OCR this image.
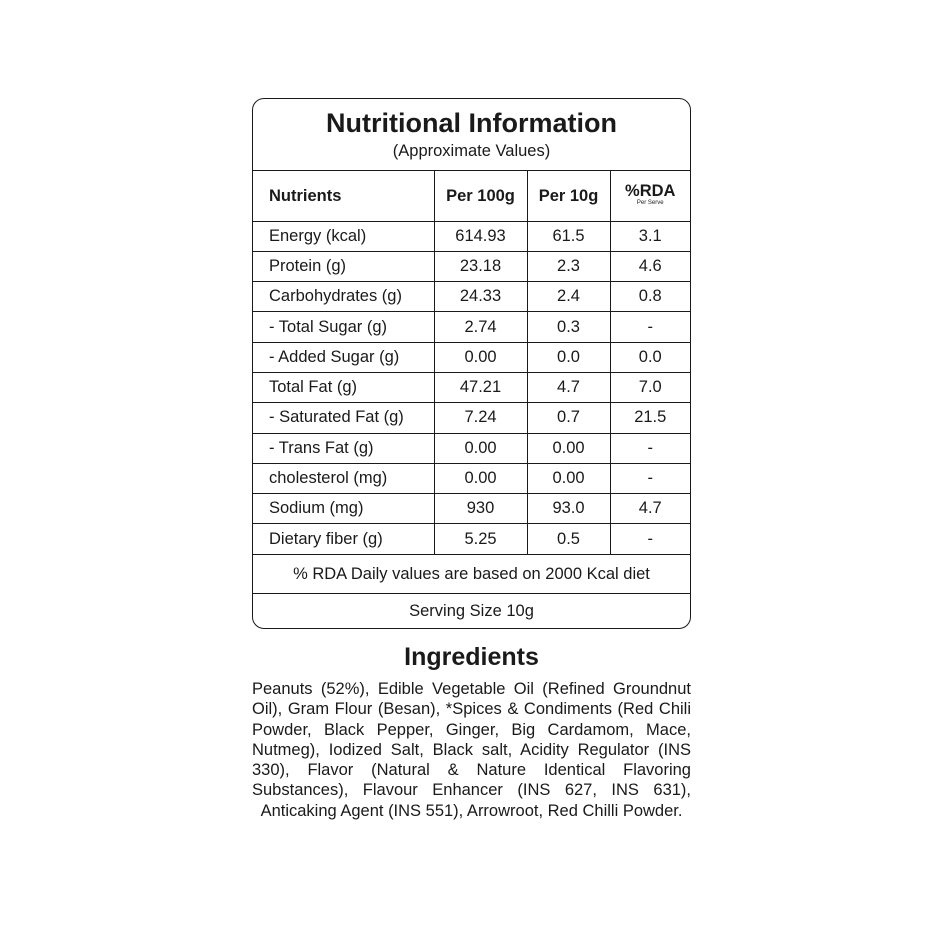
Nutritional Information
(Approximate Values)
Nutrients	Per 100g	Per 10g	%RDA
Per Serve

Energy (kcal)	614.93	61.5	3.1
Protein (g)	23.18	2.3	4.6
Carbohydrates (g)	24.33	2.4	0.8
- Total Sugar (g)	2.74	0.3	-
- Added Sugar (g)	0.00	0.0	0.0
Total Fat (g)	47.21	4.7	7.0
- Saturated Fat (g)	7.24	0.7	21.5
- Trans Fat (g)	0.00	0.00	-
cholesterol (mg)	0.00	0.00	-
Sodium (mg)	930	93.0	4.7
Dietary fiber (g)	5.25	0.5	-
% RDA Daily values are based on 2000 Kcal diet
Serving Size 10g
Ingredients
Peanuts (52%), Edible Vegetable Oil (Refined Groundnut Oil), Gram Flour (Besan), *Spices & Condiments (Red Chili Powder, Black Pepper, Ginger, Big Cardamom, Mace, Nutmeg), Iodized Salt, Black salt, Acidity Regulator (INS 330), Flavor (Natural & Nature Identical Flavoring Substances), Flavour Enhancer (INS 627, INS 631), Anticaking Agent (INS 551), Arrowroot, Red Chilli Powder.
